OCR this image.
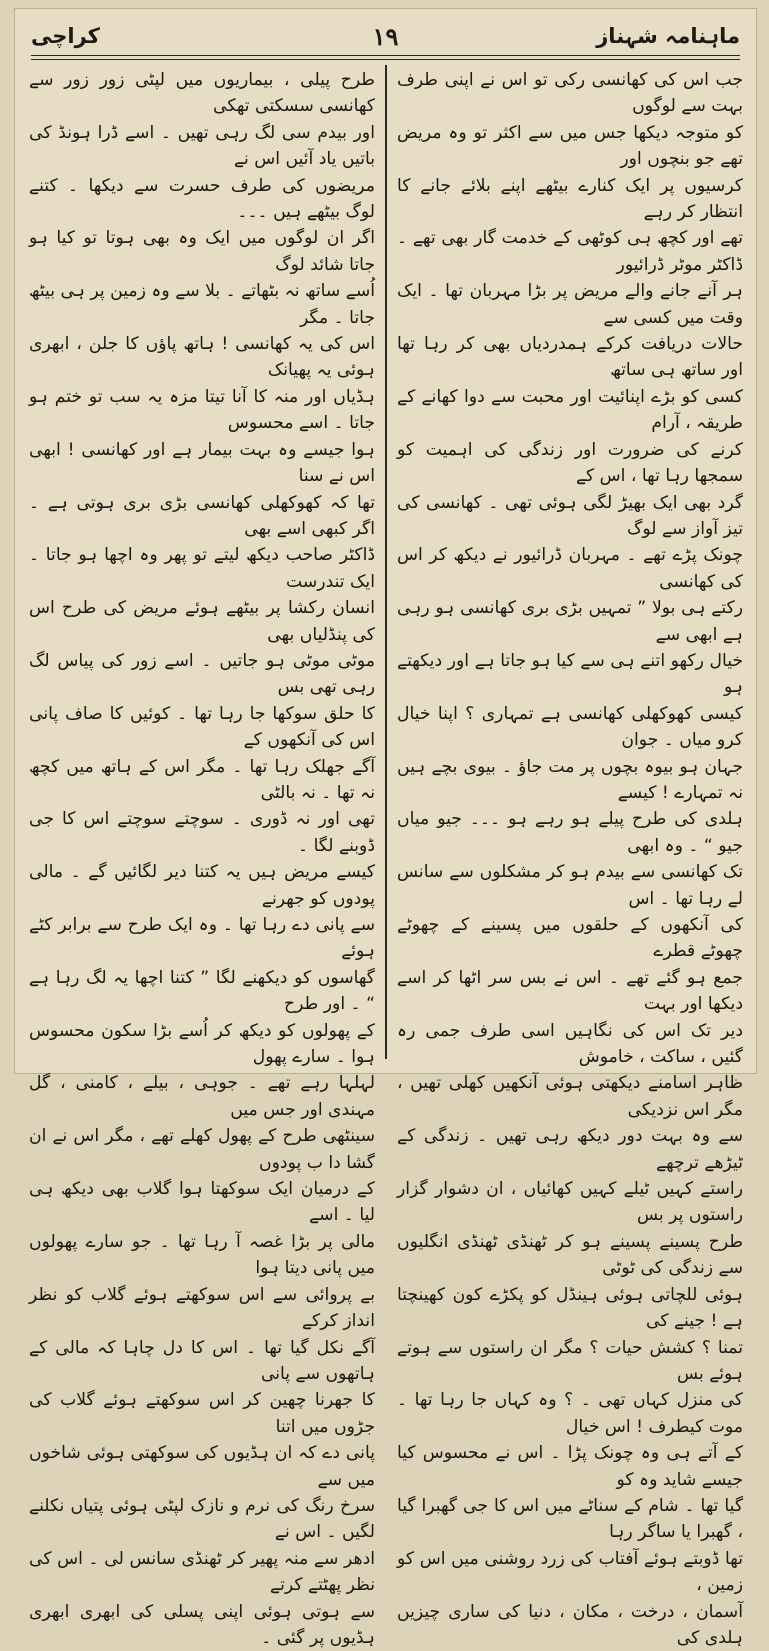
ماہنامہ شہناز
۱۹
کراچی

جب اس کی کھانسی رکی تو اس نے اپنی طرف بہت سے لوگوں
کو متوجہ دیکھا جس میں سے اکثر تو وہ مریض تھے جو بنچوں اور
کرسیوں پر ایک کنارے بیٹھے اپنے بلائے جانے کا انتظار کر رہے
تھے اور کچھ ہی کوٹھی کے خدمت گار بھی تھے ۔ ڈاکٹر موٹر ڈرائیور
ہر آنے جانے والے مریض پر بڑا مہربان تھا ۔ ایک وقت میں کسی سے
حالات دریافت کرکے ہمدردیاں بھی کر رہا تھا اور ساتھ ہی ساتھ
کسی کو بڑے اپنائیت اور محبت سے دوا کھانے کے طریقہ ، آرام
کرنے کی ضرورت اور زندگی کی اہمیت کو سمجھا رہا تھا ، اس کے
گرد بھی ایک بھیڑ لگی ہوئی تھی ۔ کھانسی کی تیز آواز سے لوگ
چونک پڑے تھے ۔ مہربان ڈرائیور نے دیکھ کر اس کی کھانسی
رکتے ہی بولا ” تمہیں بڑی بری کھانسی ہو رہی ہے ابھی سے
خیال رکھو اتنے ہی سے کیا ہو جاتا ہے اور دیکھتے ہو
کیسی کھوکھلی کھانسی ہے تمہاری ؟ اپنا خیال کرو میاں ۔ جوان
جہان ہو بیوہ بچوں پر مت جاؤ ۔ بیوی بچے ہیں نہ تمہارے ! کیسے
ہلدی کی طرح پیلے ہو رہے ہو ۔۔۔ جیو میاں جیو “ ۔ وہ ابھی
تک کھانسی سے بیدم ہو کر مشکلوں سے سانس لے رہا تھا ۔ اس
کی آنکھوں کے حلقوں میں پسینے کے چھوٹے چھوٹے قطرے
جمع ہو گئے تھے ۔ اس نے بس سر اٹھا کر اسے دیکھا اور بہت
دیر تک اس کی نگاہیں اسی طرف جمی رہ گئیں ، ساکت ، خاموش
ظاہر اسامنے دیکھتی ہوئی آنکھیں کھلی تھیں ، مگر اس نزدیکی
سے وہ بہت دور دیکھ رہی تھیں ۔ زندگی کے ٹیڑھے ترچھے
راستے کہیں ٹیلے کہیں کھائیاں ، ان دشوار گزار راستوں پر بس
طرح پسینے پسینے ہو کر ٹھنڈی ٹھنڈی انگلیوں سے زندگی کی ٹوٹی
ہوئی للچاتی ہوئی ہینڈل کو پکڑے کون کھینچتا ہے ! جینے کی
تمنا ؟ کشش حیات ؟ مگر ان راستوں سے ہوتے ہوئے بس
کی منزل کہاں تھی ۔ ؟ وہ کہاں جا رہا تھا ۔ موت کیطرف ! اس خیال
کے آتے ہی وہ چونک پڑا ۔ اس نے محسوس کیا جیسے شاید وہ کو
گیا تھا ۔ شام کے سناٹے میں اس کا جی گھبرا گیا ، گھبرا یا ساگر رہا
تھا ڈوبتے ہوئے آفتاب کی زرد روشنی میں اس کو زمین ،
آسمان ، درخت ، مکان ، دنیا کی ساری چیزیں ہلدی کی

طرح پیلی ، بیماریوں میں لپٹی زور زور سے کھانسی سسکتی تھکی
اور بیدم سی لگ رہی تھیں ۔ اسے ڈرا ہونڈ کی باتیں یاد آئیں اس نے
مریضوں کی طرف حسرت سے دیکھا ۔ کتنے لوگ بیٹھے ہیں ۔۔۔
اگر ان لوگوں میں ایک وہ بھی ہوتا تو کیا ہو جاتا شائد لوگ
اُسے ساتھ نہ بٹھاتے ۔ بلا سے وہ زمین پر ہی بیٹھ جاتا ۔ مگر
اس کی یہ کھانسی ! ہاتھ پاؤں کا جلن ، ابھری ہوئی یہ پھیانک
ہڈیاں اور منہ کا آنا تیتا مزہ یہ سب تو ختم ہو جاتا ۔ اسے محسوس
ہوا جیسے وہ بہت بیمار ہے اور کھانسی ! ابھی اس نے سنا
تھا کہ کھوکھلی کھانسی بڑی بری ہوتی ہے ۔ اگر کبھی اسے بھی
ڈاکٹر صاحب دیکھ لیتے تو پھر وہ اچھا ہو جاتا ۔ ایک تندرست
انسان رکشا پر بیٹھے ہوئے مریض کی طرح اس کی پنڈلیاں بھی
موٹی موٹی ہو جاتیں ۔ اسے زور کی پیاس لگ رہی تھی بس
کا حلق سوکھا جا رہا تھا ۔ کوئیں کا صاف پانی اس کی آنکھوں کے
آگے جھلک رہا تھا ۔ مگر اس کے ہاتھ میں کچھ نہ تھا ۔ نہ بالٹی
تھی اور نہ ڈوری ۔ سوچتے سوچتے اس کا جی ڈوبنے لگا ۔
کیسے مریض ہیں یہ کتنا دیر لگائیں گے ۔ مالی پودوں کو جھرنے
سے پانی دے رہا تھا ۔ وہ ایک طرح سے برابر کٹے ہوئے
گھاسوں کو دیکھنے لگا ” کتنا اچھا یہ لگ رہا ہے “ ۔ اور طرح
کے پھولوں کو دیکھ کر اُسے بڑا سکون محسوس ہوا ۔ سارے پھول
لہلہا رہے تھے ۔ جوہی ، بیلے ، کامنی ، گل مہندی اور جس میں
سینٹھی طرح کے پھول کھلے تھے ، مگر اس نے ان گشا دا ب پودوں
کے درمیان ایک سوکھتا ہوا گلاب بھی دیکھ ہی لیا ۔ اسے
مالی پر بڑا غصہ آ رہا تھا ۔ جو سارے پھولوں میں پانی دیتا ہوا
بے پروائی سے اس سوکھتے ہوئے گلاب کو نظر انداز کرکے
آگے نکل گیا تھا ۔ اس کا دل چاہا کہ مالی کے ہاتھوں سے پانی
کا جھرنا چھین کر اس سوکھتے ہوئے گلاب کی جڑوں میں اتنا
پانی دے کہ ان ہڈیوں کی سوکھتی ہوئی شاخوں میں سے
سرخ رنگ کی نرم و نازک لپٹی ہوئی پتیاں نکلنے لگیں ۔ اس نے
ادھر سے منہ پھیر کر ٹھنڈی سانس لی ۔ اس کی نظر پھٹتے کرتے
سے ہوتی ہوئی اپنی پسلی کی ابھری ابھری ہڈیوں پر گئی ۔
